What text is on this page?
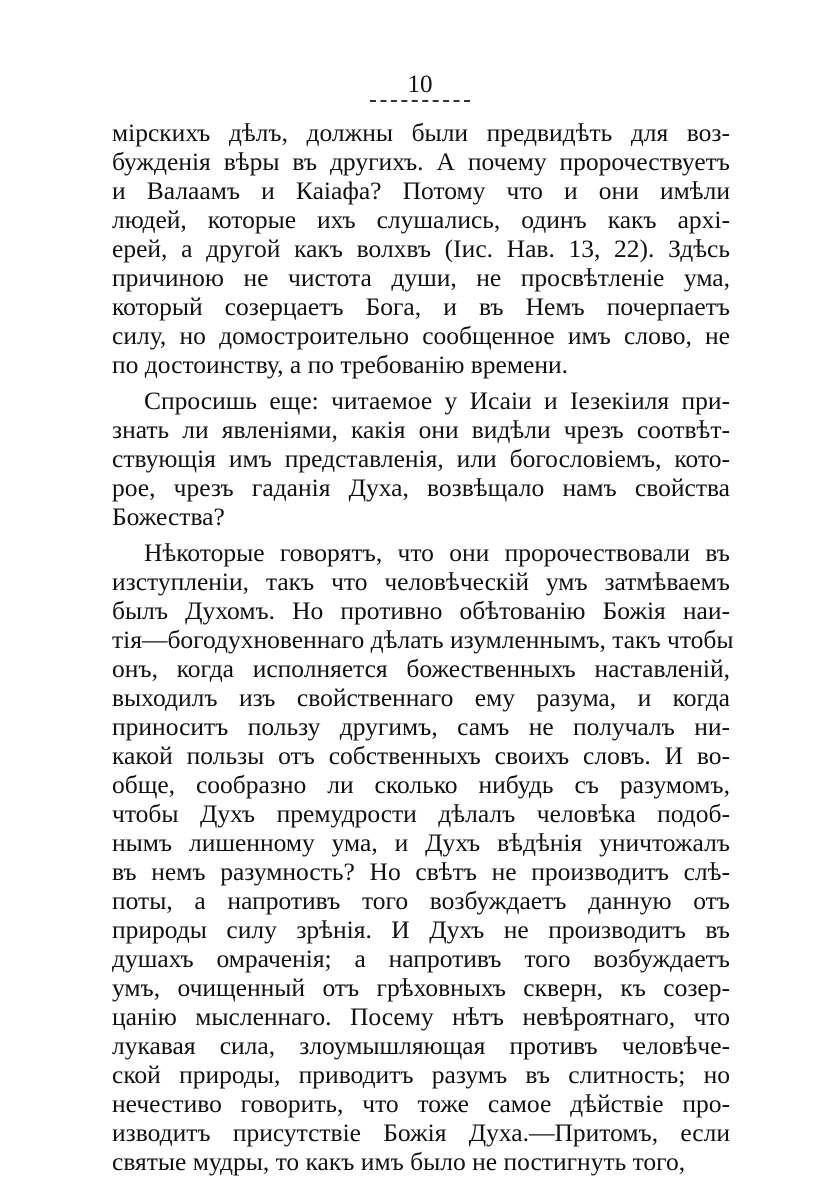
10
мірскихъ дѣлъ, должны были предвидѣть для воз-
бужденія вѣры въ другихъ. А почему пророчествуетъ
и Валаамъ и Каіафа? Потому что и они имѣли
людей, которые ихъ слушались, одинъ какъ архі-
ерей, а другой какъ волхвъ (Іис. Нав. 13, 22). Здѣсь
причиною не чистота души, не просвѣтленіе ума,
который созерцаетъ Бога, и въ Немъ почерпаетъ
силу, но домостроительно сообщенное имъ слово, не
по достоинству, а по требованію времени.
Спросишь еще: читаемое у Исаіи и Іезекіиля при-
знать ли явленіями, какія они видѣли чрезъ соотвѣт-
ствующія имъ представленія, или богословіемъ, кото-
рое, чрезъ гаданія Духа, возвѣщало намъ свойства
Божества?
Нѣкоторые говорятъ, что они пророчествовали въ
изступленіи, такъ что человѣческій умъ затмѣваемъ
былъ Духомъ. Но противно обѣтованію Божія наи-
тія—богодухновеннаго дѣлать изумленнымъ, такъ чтобы
онъ, когда исполняется божественныхъ наставленій,
выходилъ изъ свойственнаго ему разума, и когда
приноситъ пользу другимъ, самъ не получалъ ни-
какой пользы отъ собственныхъ своихъ словъ. И во-
обще, сообразно ли сколько нибудь съ разумомъ,
чтобы Духъ премудрости дѣлалъ человѣка подоб-
нымъ лишенному ума, и Духъ вѣдѣнія уничтожалъ
въ немъ разумность? Но свѣтъ не производитъ слѣ-
поты, а напротивъ того возбуждаетъ данную отъ
природы силу зрѣнія. И Духъ не производитъ въ
душахъ омраченія; а напротивъ того возбуждаетъ
умъ, очищенный отъ грѣховныхъ скверн, къ созер-
цанію мысленнаго. Посему нѣтъ невѣроятнаго, что
лукавая сила, злоумышляющая противъ человѣче-
ской природы, приводитъ разумъ въ слитность; но
нечестиво говорить, что тоже самое дѣйствіе про-
изводитъ присутствіе Божія Духа.—Притомъ, если
святые мудры, то какъ имъ было не постигнуть того,
